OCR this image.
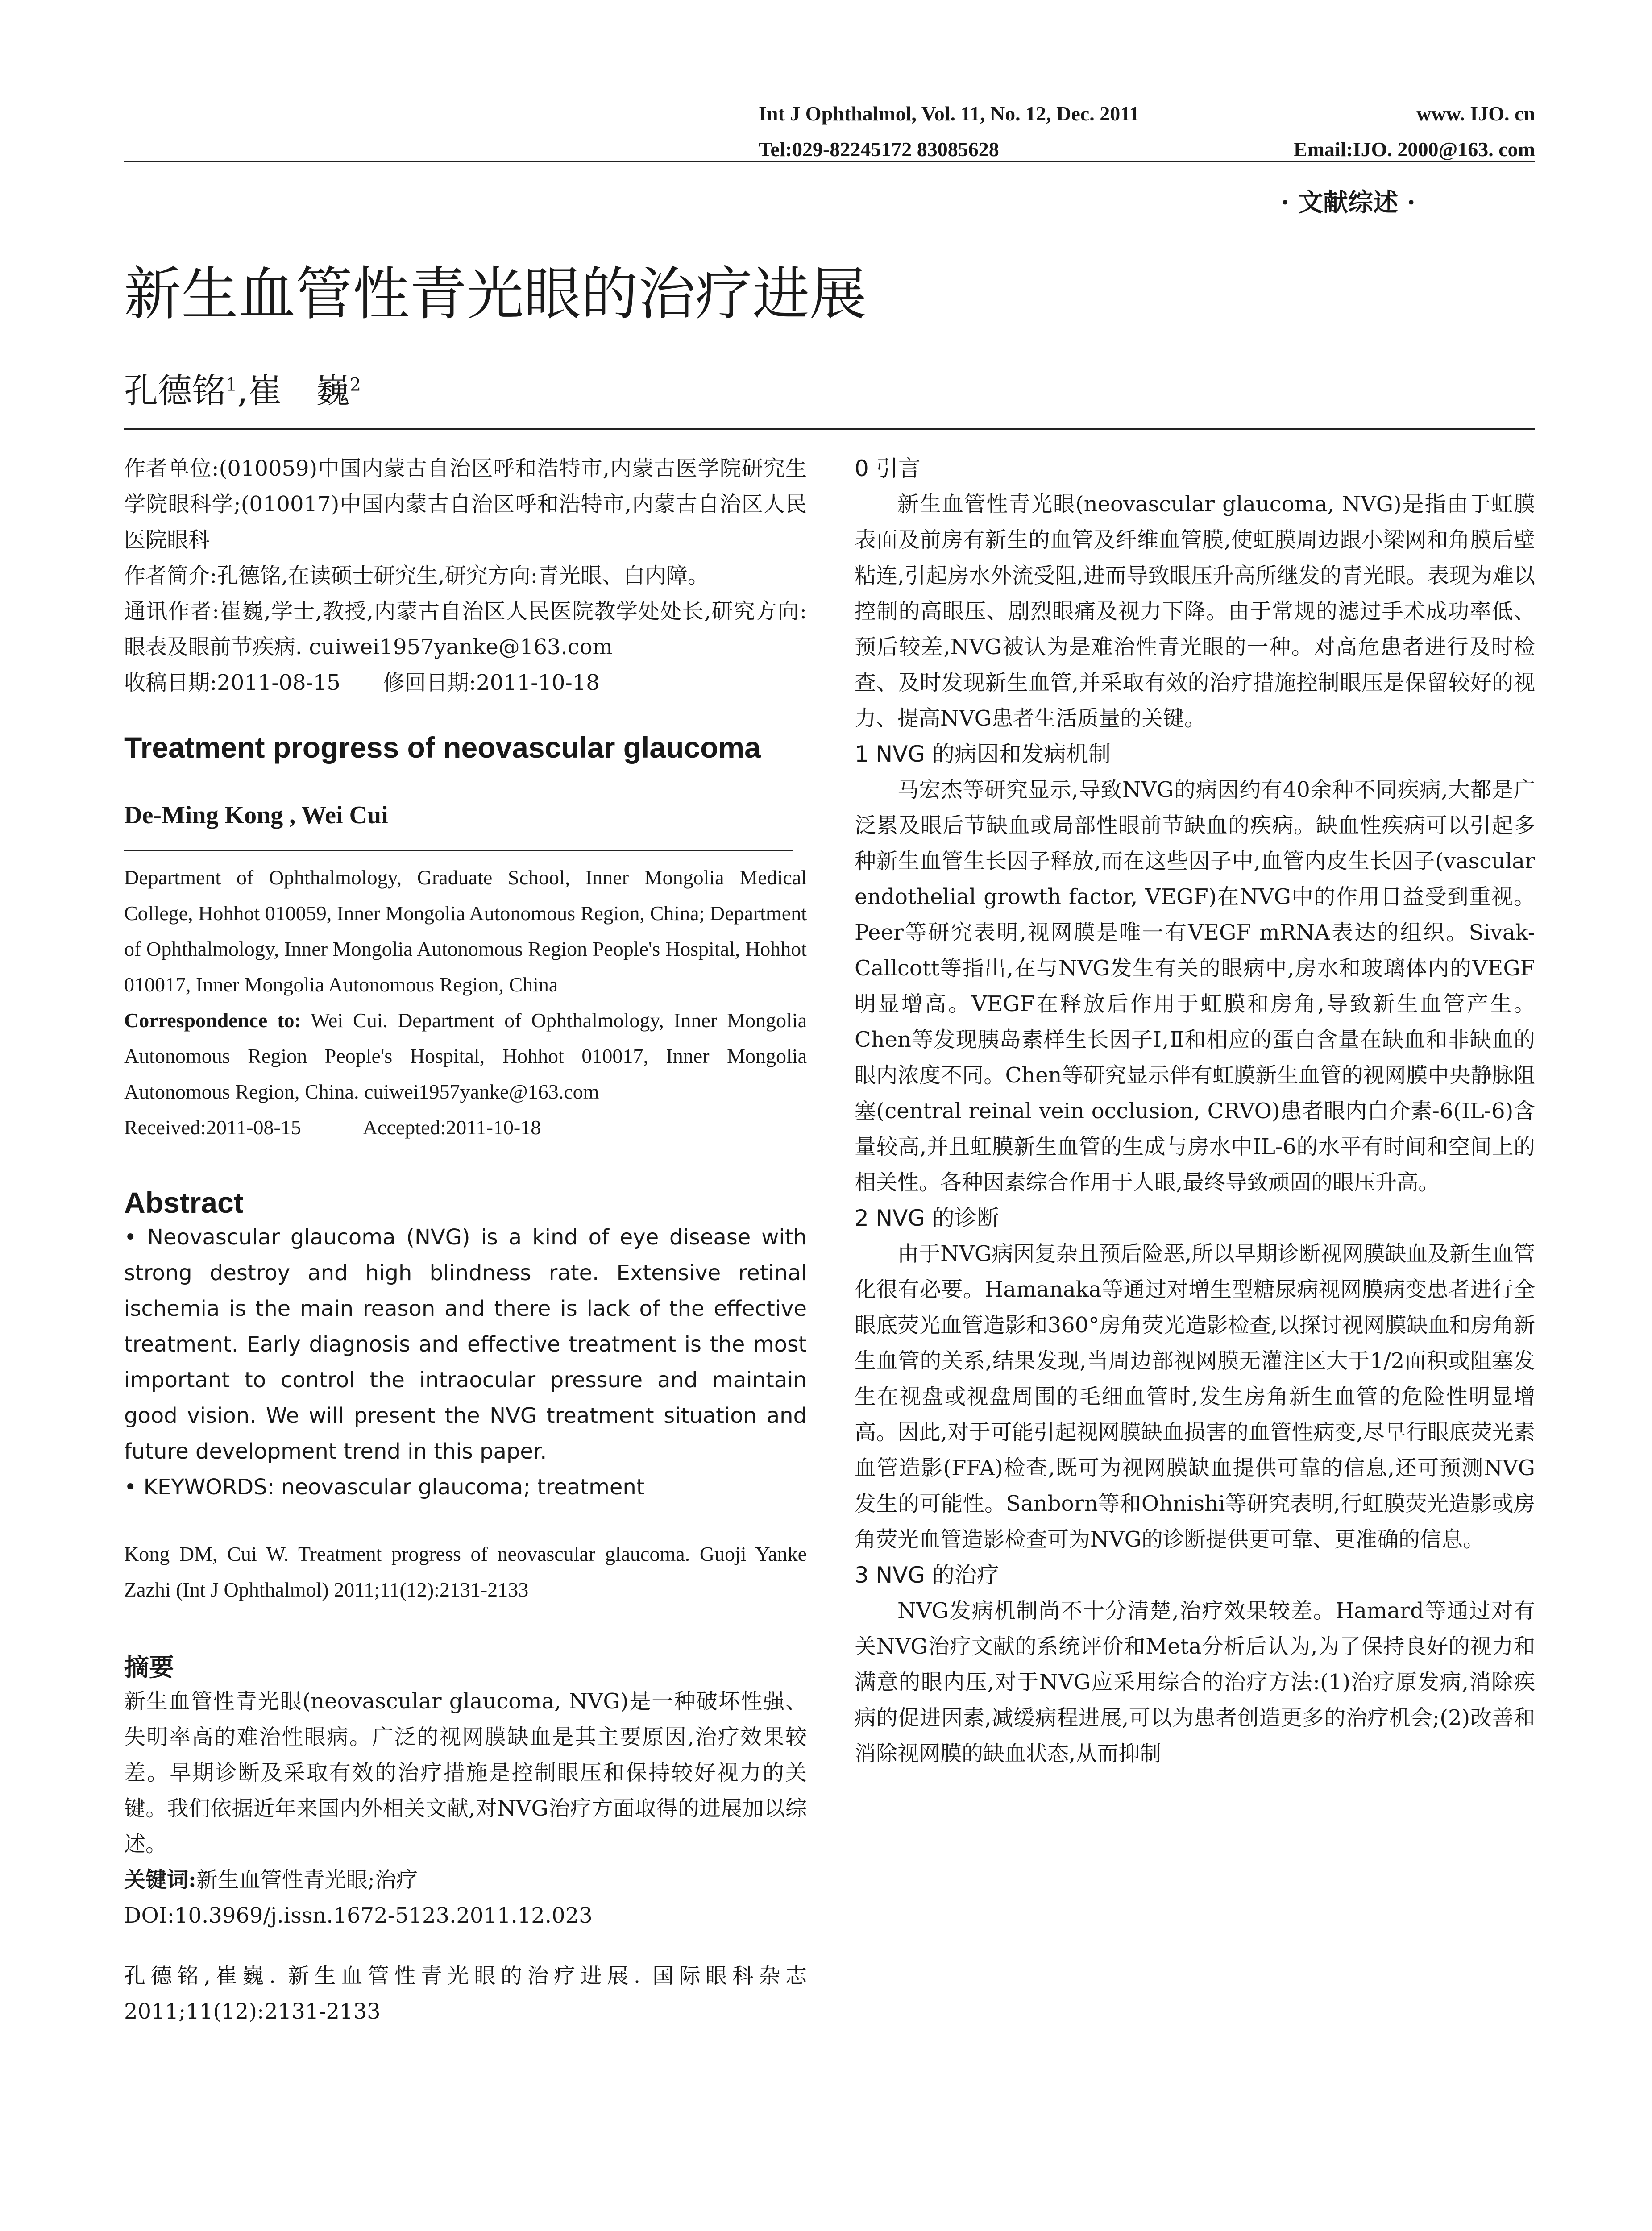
Int J Ophthalmol, Vol. 11, No. 12, Dec. 2011	www. IJO. cn
Tel:029-82245172 83085628	Email:IJO. 2000@163. com
· 文献综述 ·
新生血管性青光眼的治疗进展
孔德铭$^1$,崔　巍$^2$

作者单位:(010059)中国内蒙古自治区呼和浩特市,内蒙古医学院研究生学院眼科学;(010017)中国内蒙古自治区呼和浩特市,内蒙古自治区人民医院眼科

作者简介:孔德铭,在读硕士研究生,研究方向:青光眼、白内障。

通讯作者:崔巍,学士,教授,内蒙古自治区人民医院教学处处长,研究方向:眼表及眼前节疾病. cuiwei1957yanke@163.com

收稿日期:2011-08-15　　修回日期:2011-10-18

Treatment progress of neovascular glaucoma

De-Ming Kong , Wei Cui

Department of Ophthalmology, Graduate School, Inner Mongolia Medical College, Hohhot 010059, Inner Mongolia Autonomous Region, China; Department of Ophthalmology, Inner Mongolia Autonomous Region People's Hospital, Hohhot 010017, Inner Mongolia Autonomous Region, China

Correspondence to: Wei Cui. Department of Ophthalmology, Inner Mongolia Autonomous Region People's Hospital, Hohhot 010017, Inner Mongolia Autonomous Region, China. cuiwei1957yanke@163.com

Received:2011-08-15　　　Accepted:2011-10-18

Abstract

• Neovascular glaucoma (NVG) is a kind of eye disease with strong destroy and high blindness rate. Extensive retinal ischemia is the main reason and there is lack of the effective treatment. Early diagnosis and effective treatment is the most important to control the intraocular pressure and maintain good vision. We will present the NVG treatment situation and future development trend in this paper.

• KEYWORDS: neovascular glaucoma; treatment

Kong DM, Cui W. Treatment progress of neovascular glaucoma. Guoji Yanke Zazhi (Int J Ophthalmol) 2011;11(12):2131-2133

摘要

新生血管性青光眼(neovascular glaucoma, NVG)是一种破坏性强、失明率高的难治性眼病。广泛的视网膜缺血是其主要原因,治疗效果较差。早期诊断及采取有效的治疗措施是控制眼压和保持较好视力的关键。我们依据近年来国内外相关文献,对NVG治疗方面取得的进展加以综述。

关键词:新生血管性青光眼;治疗

DOI:10.3969/j.issn.1672-5123.2011.12.023

孔德铭,崔巍. 新生血管性青光眼的治疗进展. 国际眼科杂志 2011;11(12):2131-2133

0 引言

新生血管性青光眼(neovascular glaucoma, NVG)是指由于虹膜表面及前房有新生的血管及纤维血管膜,使虹膜周边跟小梁网和角膜后壁粘连,引起房水外流受阻,进而导致眼压升高所继发的青光眼。表现为难以控制的高眼压、剧烈眼痛及视力下降。由于常规的滤过手术成功率低、预后较差,NVG被认为是难治性青光眼的一种。对高危患者进行及时检查、及时发现新生血管,并采取有效的治疗措施控制眼压是保留较好的视力、提高NVG患者生活质量的关键。

1 NVG 的病因和发病机制

马宏杰等研究显示,导致NVG的病因约有40余种不同疾病,大都是广泛累及眼后节缺血或局部性眼前节缺血的疾病。缺血性疾病可以引起多种新生血管生长因子释放,而在这些因子中,血管内皮生长因子(vascular endothelial growth factor, VEGF)在NVG中的作用日益受到重视。Peer等研究表明,视网膜是唯一有VEGF mRNA表达的组织。Sivak-Callcott等指出,在与NVG发生有关的眼病中,房水和玻璃体内的VEGF明显增高。VEGF在释放后作用于虹膜和房角,导致新生血管产生。Chen等发现胰岛素样生长因子Ⅰ,Ⅱ和相应的蛋白含量在缺血和非缺血的眼内浓度不同。Chen等研究显示伴有虹膜新生血管的视网膜中央静脉阻塞(central reinal vein occlusion, CRVO)患者眼内白介素-6(IL-6)含量较高,并且虹膜新生血管的生成与房水中IL-6的水平有时间和空间上的相关性。各种因素综合作用于人眼,最终导致顽固的眼压升高。

2 NVG 的诊断

由于NVG病因复杂且预后险恶,所以早期诊断视网膜缺血及新生血管化很有必要。Hamanaka等通过对增生型糖尿病视网膜病变患者进行全眼底荧光血管造影和360°房角荧光造影检查,以探讨视网膜缺血和房角新生血管的关系,结果发现,当周边部视网膜无灌注区大于1/2面积或阻塞发生在视盘或视盘周围的毛细血管时,发生房角新生血管的危险性明显增高。因此,对于可能引起视网膜缺血损害的血管性病变,尽早行眼底荧光素血管造影(FFA)检查,既可为视网膜缺血提供可靠的信息,还可预测NVG发生的可能性。Sanborn等和Ohnishi等研究表明,行虹膜荧光造影或房角荧光血管造影检查可为NVG的诊断提供更可靠、更准确的信息。

3 NVG 的治疗

NVG发病机制尚不十分清楚,治疗效果较差。Hamard等通过对有关NVG治疗文献的系统评价和Meta分析后认为,为了保持良好的视力和满意的眼内压,对于NVG应采用综合的治疗方法:(1)治疗原发病,消除疾病的促进因素,减缓病程进展,可以为患者创造更多的治疗机会;(2)改善和消除视网膜的缺血状态,从而抑制
